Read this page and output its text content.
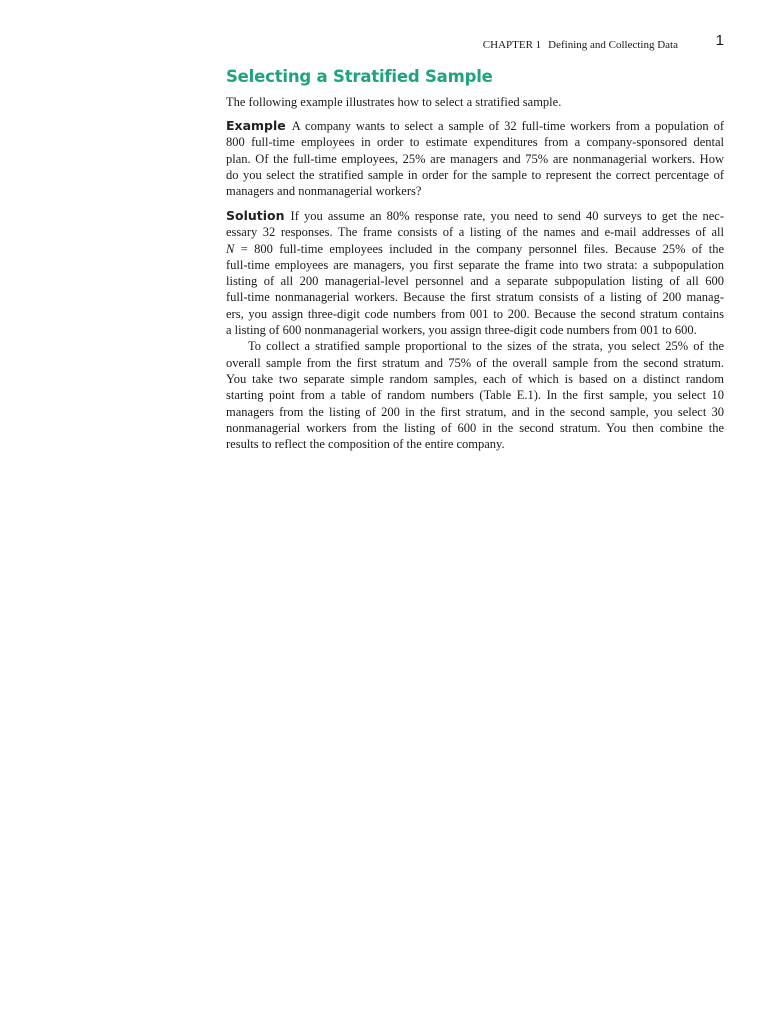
CHAPTER 1 Defining and Collecting Data	1
Selecting a Stratified Sample

The following example illustrates how to select a stratified sample.

Example A company wants to select a sample of 32 full-time workers from a population of
800 full-time employees in order to estimate expenditures from a company-sponsored dental
plan. Of the full-time employees, 25% are managers and 75% are nonmanagerial workers. How
do you select the stratified sample in order for the sample to represent the correct percentage of
managers and nonmanagerial workers?
Solution If you assume an 80% response rate, you need to send 40 surveys to get the nec-
essary 32 responses. The frame consists of a listing of the names and e-mail addresses of all
N = 800 full-time employees included in the company personnel files. Because 25% of the
full-time employees are managers, you first separate the frame into two strata: a subpopulation
listing of all 200 managerial-level personnel and a separate subpopulation listing of all 600
full-time nonmanagerial workers. Because the first stratum consists of a listing of 200 manag-
ers, you assign three-digit code numbers from 001 to 200. Because the second stratum contains
a listing of 600 nonmanagerial workers, you assign three-digit code numbers from 001 to 600.
To collect a stratified sample proportional to the sizes of the strata, you select 25% of the
overall sample from the first stratum and 75% of the overall sample from the second stratum.
You take two separate simple random samples, each of which is based on a distinct random
starting point from a table of random numbers (Table E.1). In the first sample, you select 10
managers from the listing of 200 in the first stratum, and in the second sample, you select 30
nonmanagerial workers from the listing of 600 in the second stratum. You then combine the
results to reflect the composition of the entire company.
